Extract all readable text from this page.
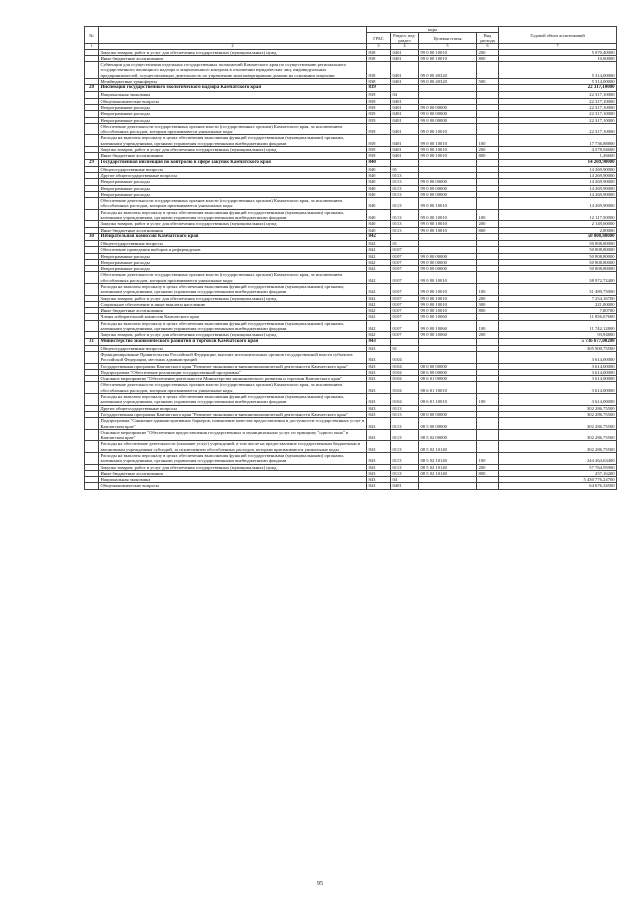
№		коды				Годовой объем ассигнований
		ГРБС	Раздел, под-раздел	Целевая статья	Вид расхода	
1	2	3	4	5	6	7
	Закупка товаров, работ и услуг для обеспечения государственных (муниципальных) нужд	838	0401	99 0 00 10010	200	5 070,40000
	Иные бюджетные ассигнования	838	0401	99 0 00 10010	800	10,00000
	Субвенции для осуществления отдельных государственных полномочий Камчатского края по осуществлению регионального государственного жилищного надзора и лицензионного контроля в отношении юридических лиц, индивидуальных предпринимателей, осуществляющих деятельность по управлению многоквартирными домами на основании лицензии	838	0401	99 0 00 40320		5 314,00000
	Межбюджетные трансферты	838	0401	99 0 00 40320	500	5 314,00000
28	Инспекция государственного экологического надзора Камчатского края	839				22 317,10000
	Национальная экономика	839	04			22 317,10000
	Общеэкономические вопросы	839	0401			22 317,10000
	Непрограммные расходы	839	0401	99 0 00 00000		22 317,10000
	Непрограммные расходы	839	0401	99 0 00 00000		22 317,10000
	Непрограммные расходы	839	0401	99 0 00 00000		22 317,10000
	Обеспечение деятельности государственных органов власти (государственных органов) Камчатского края, за исключением обособленных расходов, которым присваиваются уникальные коды	839	0401	99 0 00 10010		22 317,10000
	Расходы на выплаты персоналу в целях обеспечения выполнения функций государственными (муниципальными) органами, казенными учреждениями, органами управления государственными внебюджетными фондами	839	0401	99 0 00 10010	100	17 736,88800
	Закупка товаров, работ и услуг для обеспечения государственных (муниципальных) нужд	839	0401	99 0 00 10010	200	4 578,94600
	Иные бюджетные ассигнования	839	0401	99 0 00 10010	800	1,26600
29	Государственная инспекция по контролю в сфере закупок Камчатского края	840				14 269,90000
	Общегосударственные вопросы	840	01			14 269,90000
	Другие общегосударственные вопросы	840	0113			14 269,90000
	Непрограммные расходы	840	0113	99 0 00 00000		14 269,90000
	Непрограммные расходы	840	0113	99 0 00 00000		14 269,90000
	Непрограммные расходы	840	0113	99 0 00 00000		14 269,90000
	Обеспечение деятельности государственных органов власти (государственных органов) Камчатского края, за исключением обособленных расходов, которым присваиваются уникальные коды	840	0113	99 0 00 10010		14 269,90000
	Расходы на выплаты персоналу в целях обеспечения выполнения функций государственными (муниципальными) органами, казенными учреждениями, органами управления государственными внебюджетными фондами	840	0113	99 0 00 10010	100	12 117,50000
	Закупка товаров, работ и услуг для обеспечения государственных (муниципальных) нужд	840	0113	99 0 00 10010	200	2 149,60000
	Иные бюджетные ассигнования	840	0113	99 0 00 10010	800	2,80000
30	Избирательная комиссия Камчатского края	842				50 808,80000
	Общегосударственные вопросы	842	01			50 808,80000
	Обеспечение проведения выборов и референдумов	842	0107			50 808,80000
	Непрограммные расходы	842	0107	99 0 00 00000		50 808,80000
	Непрограммные расходы	842	0107	99 0 00 00000		50 808,80000
	Непрограммные расходы	842	0107	99 0 00 00000		50 808,80000
	Обеспечение деятельности государственных органов власти (государственных органов) Камчатского края, за исключением обособленных расходов, которым присваиваются уникальные коды	842	0107	99 0 00 10010		38 972,72400
	Расходы на выплаты персоналу в целях обеспечения выполнения функций государственными (муниципальными) органами, казенными учреждениями, органами управления государственными внебюджетными фондами	842	0107	99 0 00 10010	100	31 489,75000
	Закупка товаров, работ и услуг для обеспечения государственных (муниципальных) нужд	842	0107	99 0 00 10010	200	7 254,16700
	Социальное обеспечение и иные выплаты населению	842	0107	99 0 00 10010	300	221,00000
	Иные бюджетные ассигнования	842	0107	99 0 00 10010	800	7,80700
	Члены избирательной комиссии Камчатского края	842	0107	99 0 00 10060		11 836,07600
	Расходы на выплаты персоналу в целях обеспечения выполнения функций государственными (муниципальными) органами, казенными учреждениями, органами управления государственными внебюджетными фондами	842	0107	99 0 00 10060	100	11 742,12800
	Закупка товаров, работ и услуг для обеспечения государственных (муниципальных) нужд	842	0107	99 0 00 10060	200	93,94800
31	Министерство экономического развития и торговли Камчатского края	843				5 736 677,00200
	Общегосударственные вопросы	843	01			305 900,75500
	Функционирование Правительства Российской Федерации, высших исполнительных органов государственной власти субъектов Российской Федерации, местных администраций	843	0104			3 614,00000
	Государственная программа Камчатского края "Развитие экономики и внешнеэкономической деятельности Камчатского края"	843	0104	08 0 00 00000		3 614,00000
	Подпрограмма "Обеспечение реализации государственной программы"	843	0104	08 6 00 00000		3 614,00000
	Основное мероприятие "Обеспечение деятельности Министерства экономического развития и торговли Камчатского края"	843	0104	08 6 01 00000		3 614,00000
	Обеспечение деятельности государственных органов власти (государственных органов) Камчатского края, за исключением обособленных расходов, которым присваиваются уникальные коды	843	0104	08 6 01 10010		3 614,00000
	Расходы на выплаты персоналу в целях обеспечения выполнения функций государственными (муниципальными) органами, казенными учреждениями, органами управления государственными внебюджетными фондами	843	0104	08 6 01 10010	100	3 614,00000
	Другие общегосударственные вопросы	843	0113			302 286,75500
	Государственная программа Камчатского края "Развитие экономики и внешнеэкономической деятельности Камчатского края"	843	0113	08 0 00 00000		302 286,75500
	Подпрограмма "Снижение административных барьеров, повышение качества предоставления и доступности государственных услуг в Камчатском крае"	843	0113	08 5 00 00000		302 286,75500
	Основное мероприятие "Обеспечение предоставления государственных и муниципальных услуг по принципу "одного окна" в Камчатском крае"	843	0113	08 5 02 00000		302 286,75500
	Расходы на обеспечение деятельности (оказание услуг) учреждений, в том числе на предоставление государственным бюджетным и автономным учреждениям субсидий, за исключением обособленных расходов, которым присваиваются уникальные коды	843	0113	08 5 02 10140		302 286,75500
	Расходы на выплаты персоналу в целях обеспечения выполнения функций государственными (муниципальными) органами, казенными учреждениями, органами управления государственными внебюджетными фондами	843	0113	08 5 02 10140	100	244 264,63400
	Закупка товаров, работ и услуг для обеспечения государственных (муниципальных) нужд	843	0113	08 5 02 10140	200	57 764,95900
	Иные бюджетные ассигнования	843	0113	08 5 02 10140	800	257,16200
	Национальная экономика	843	04			5 430 776,24700
	Общеэкономические вопросы	843	0401			64 676,34500
95
